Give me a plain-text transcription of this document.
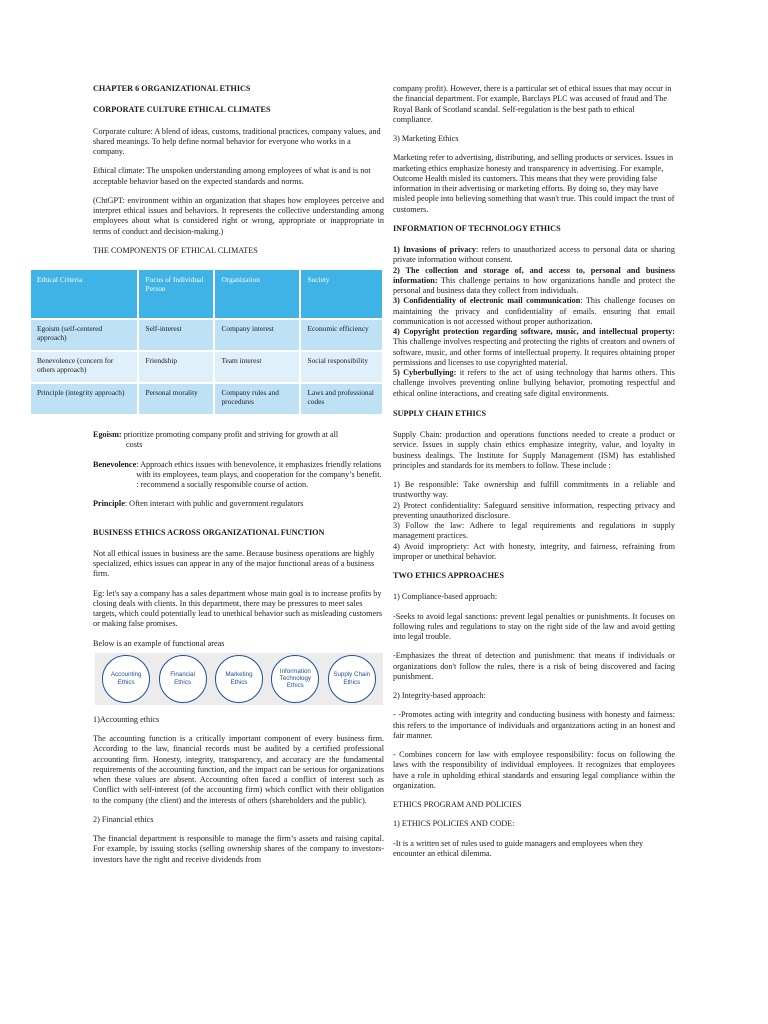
CHAPTER 6 ORGANIZATIONAL ETHICS

CORPORATE CULTURE ETHICAL CLIMATES

Corporate culture: A blend of ideas, customs, traditional practices, company values, and shared meanings. To help define normal behavior for everyone who works in a company.

Ethical climate: The unspoken understanding among employees of what is and is not acceptable behavior based on the expected standards and norms.

(ChtGPT: environment within an organization that shapes how employees perceive and interpret ethical issues and behaviors. It represents the collective understanding among employees about what is considered right or wrong, appropriate or inappropriate in terms of conduct and decision-making.)

THE COMPONENTS OF ETHICAL CLIMATES

Ethical Criteria	Focus of Individual Person	Organization	Society
Egoism (self-centered approach)	Self-interest	Company interest	Economic efficiency
Benevolence (concern for others approach)	Friendship	Team interest	Social responsibility
Principle (integrity approach)	Personal morality	Company rules and procedures	Laws and professional codes
Egoism: prioritize promoting company profit and striving for growth at all
costs
Benevolence : Approach ethics issues with benevolence, it emphasizes friendly relations with its employees, team plays, and cooperation for the company’s benefit.
: recommend a socially responsible course of action.
Principle: Often interact with public and government regulators

BUSINESS ETHICS ACROSS ORGANIZATIONAL FUNCTION

Not all ethical issues in business are the same. Because business operations are highly specialized, ethics issues can appear in any of the major functional areas of a business firm.

Eg: let's say a company has a sales department whose main goal is to increase profits by closing deals with clients. In this department, there may be pressures to meet sales targets, which could potentially lead to unethical behavior such as misleading customers or making false promises.

Below is an example of functional areas

Accounting Ethics
Financial Ethics
Marketing Ethics
Information Technology Ethics
Supply Chain Ethics

1)Accounting ethics

The accounting function is a critically important component of every business firm. According to the law, financial records must be audited by a certified professional accounting firm. Honesty, integrity, transparency, and accuracy are the fundamental requirements of the accounting function, and the impact can be serious for organizations when these values are absent. Accounting often faced a conflict of interest such as Conflict with self-interest (of the accounting firm) which conflict with their obligation to the company (the client) and the interests of others (shareholders and the public).

2) Financial ethics

The financial department is responsible to manage the firm’s assets and raising capital. For example, by issuing stocks (selling ownership shares of the company to investors- investors have the right and receive dividends from

company profit). However, there is a particular set of ethical issues that may occur in the financial department. For example, Barclays PLC was accused of fraud and The Royal Bank of Scotland scandal. Self-regulation is the best path to ethical compliance.

3) Marketing Ethics

Marketing refer to advertising, distributing, and selling products or services. Issues in marketing ethics emphasize honesty and transparency in advertising. For example, Outcome Health misled its customers. This means that they were providing false information in their advertising or marketing efforts. By doing so, they may have misled people into believing something that wasn't true. This could impact the trust of customers.

INFORMATION OF TECHNOLOGY ETHICS

1) Invasions of privacy: refers to unauthorized access to personal data or sharing private information without consent.
2) The collection and storage of, and access to, personal and business information: This challenge pertains to how organizations handle and protect the personal and business data they collect from individuals.
3) Confidentiality of electronic mail communication: This challenge focuses on maintaining the privacy and confidentiality of emails. ensuring that email communication is not accessed without proper authorization.
4) Copyright protection regarding software, music, and intellectual property: This challenge involves respecting and protecting the rights of creators and owners of software, music, and other forms of intellectual property. It requires obtaining proper permissions and licenses to use copyrighted material.
5) Cyberbullying: it refers to the act of using technology that harms others. This challenge involves preventing online bullying behavior, promoting respectful and ethical online interactions, and creating safe digital environments.

SUPPLY CHAIN ETHICS

Supply Chain: production and operations functions needed to create a product or service. Issues in supply chain ethics emphasize integrity, value, and loyalty in business dealings. The Institute for Supply Management (ISM) has established principles and standards for its members to follow. These include :

1) Be responsible: Take ownership and fulfill commitments in a reliable and trustworthy way.
2) Protect confidentiality: Safeguard sensitive information, respecting privacy and preventing unauthorized disclosure.
3) Follow the law: Adhere to legal requirements and regulations in supply management practices.
4) Avoid impropriety: Act with honesty, integrity, and fairness, refraining from improper or unethical behavior.

TWO ETHICS APPROACHES

1) Compliance-based approach:

-Seeks to avoid legal sanctions: prevent legal penalties or punishments. It focuses on following rules and regulations to stay on the right side of the law and avoid getting into legal trouble.

-Emphasizes the threat of detection and punishment: that means if individuals or organizations don't follow the rules, there is a risk of being discovered and facing punishment.

2) Integrity-based approach:

- -Promotes acting with integrity and conducting business with honesty and fairness: this refers to the importance of individuals and organizations acting in an honest and fair manner.

- Combines concern for law with employee responsibility: focus on following the laws with the responsibility of individual employees. It recognizes that employees have a role in upholding ethical standards and ensuring legal compliance within the organization.

ETHICS PROGRAM AND POLICIES

1) ETHICS POLICIES AND CODE:

-It is a written set of rules used to guide managers and employees when they encounter an ethical dilemma.
